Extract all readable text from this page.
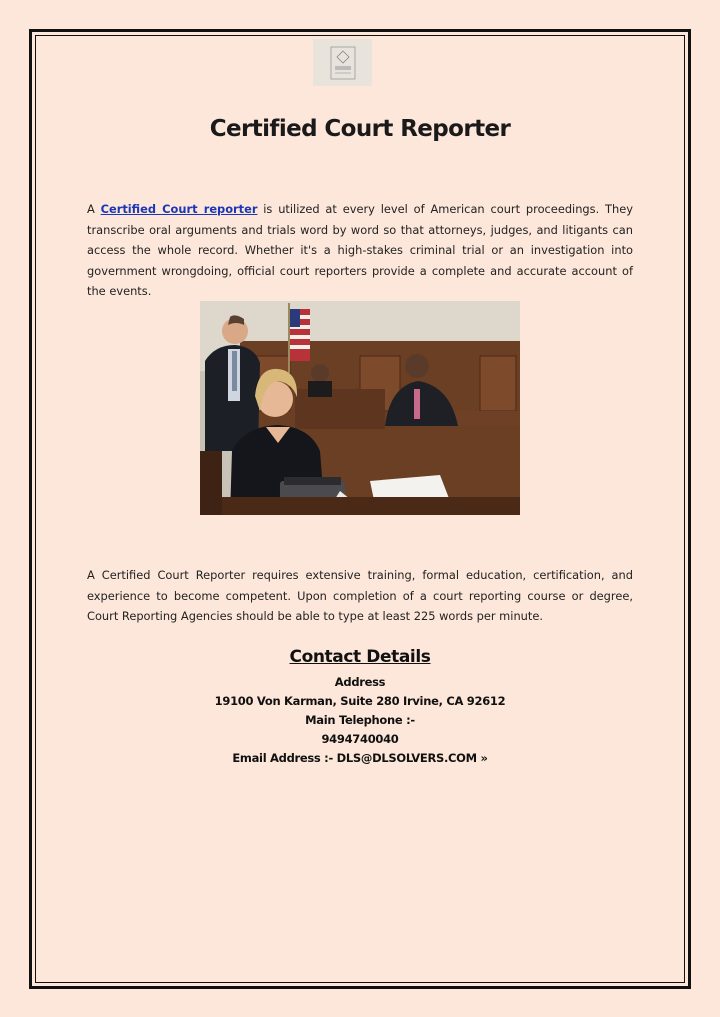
Certified Court Reporter

A Certified Court reporter is utilized at every level of American court proceedings. They transcribe oral arguments and trials word by word so that attorneys, judges, and litigants can access the whole record. Whether it's a high-stakes criminal trial or an investigation into government wrongdoing, official court reporters provide a complete and accurate account of the events.

A Certified Court Reporter requires extensive training, formal education, certification, and experience to become competent. Upon completion of a court reporting course or degree, Court Reporting Agencies should be able to type at least 225 words per minute.

Contact Details
Address
19100 Von Karman, Suite 280 Irvine, CA 92612
Main Telephone :-
9494740040
Email Address :- DLS@DLSOLVERS.COM »
